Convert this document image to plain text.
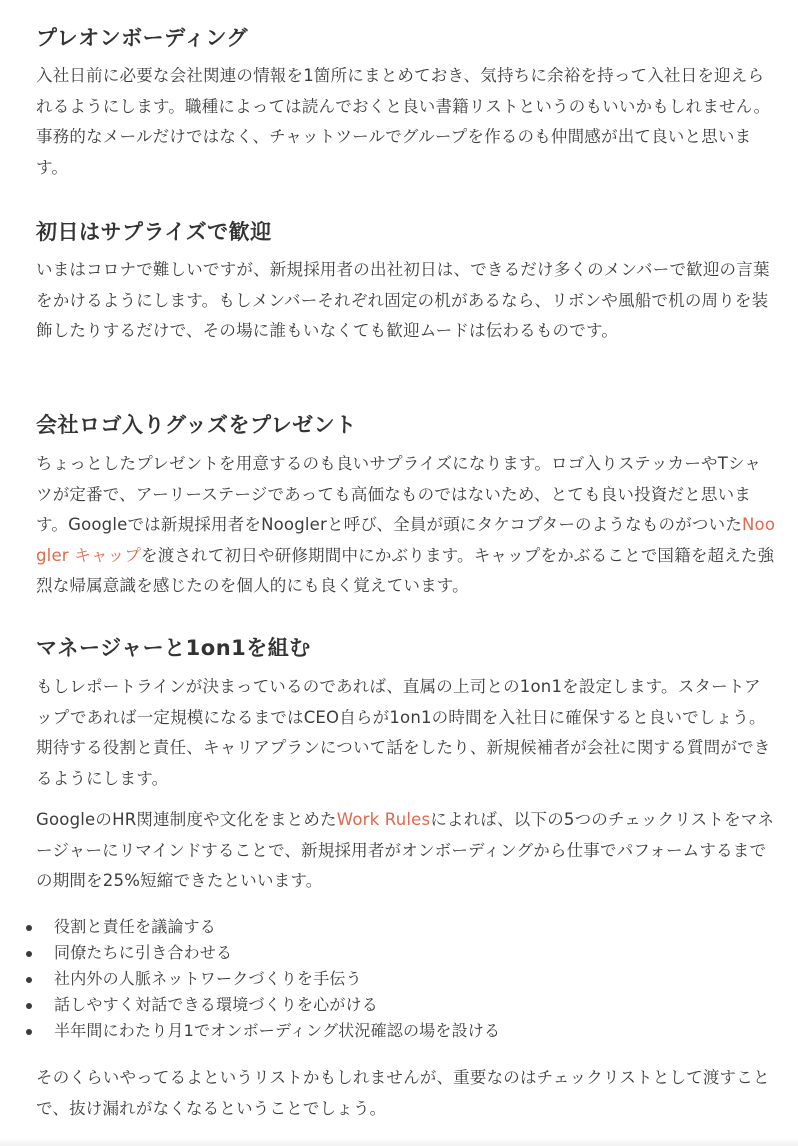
プレオンボーディング

入社日前に必要な会社関連の情報を1箇所にまとめておき、気持ちに余裕を持って入社日を迎えられるようにします。職種によっては読んでおくと良い書籍リストというのもいいかもしれません。事務的なメールだけではなく、チャットツールでグループを作るのも仲間感が出て良いと思います。

初日はサプライズで歓迎

いまはコロナで難しいですが、新規採用者の出社初日は、できるだけ多くのメンバーで歓迎の言葉をかけるようにします。もしメンバーそれぞれ固定の机があるなら、リボンや風船で机の周りを装飾したりするだけで、その場に誰もいなくても歓迎ムードは伝わるものです。

会社ロゴ入りグッズをプレゼント

ちょっとしたプレゼントを用意するのも良いサプライズになります。ロゴ入りステッカーやTシャツが定番で、アーリーステージであっても高価なものではないため、とても良い投資だと思います。Googleでは新規採用者をNooglerと呼び、全員が頭にタケコプターのようなものがついたNoogler キャップを渡されて初日や研修期間中にかぶります。キャップをかぶることで国籍を超えた強烈な帰属意識を感じたのを個人的にも良く覚えています。

マネージャーと1on1を組む

もしレポートラインが決まっているのであれば、直属の上司との1on1を設定します。スタートアップであれば一定規模になるまではCEO自らが1on1の時間を入社日に確保すると良いでしょう。期待する役割と責任、キャリアプランについて話をしたり、新規候補者が会社に関する質問ができるようにします。

GoogleのHR関連制度や文化をまとめたWork Rulesによれば、以下の5つのチェックリストをマネージャーにリマインドすることで、新規採用者がオンボーディングから仕事でパフォームするまでの期間を25%短縮できたといいます。

役割と責任を議論する
同僚たちに引き合わせる
社内外の人脈ネットワークづくりを手伝う
話しやすく対話できる環境づくりを心がける
半年間にわたり月1でオンボーディング状況確認の場を設ける

そのくらいやってるよというリストかもしれませんが、重要なのはチェックリストとして渡すことで、抜け漏れがなくなるということでしょう。
